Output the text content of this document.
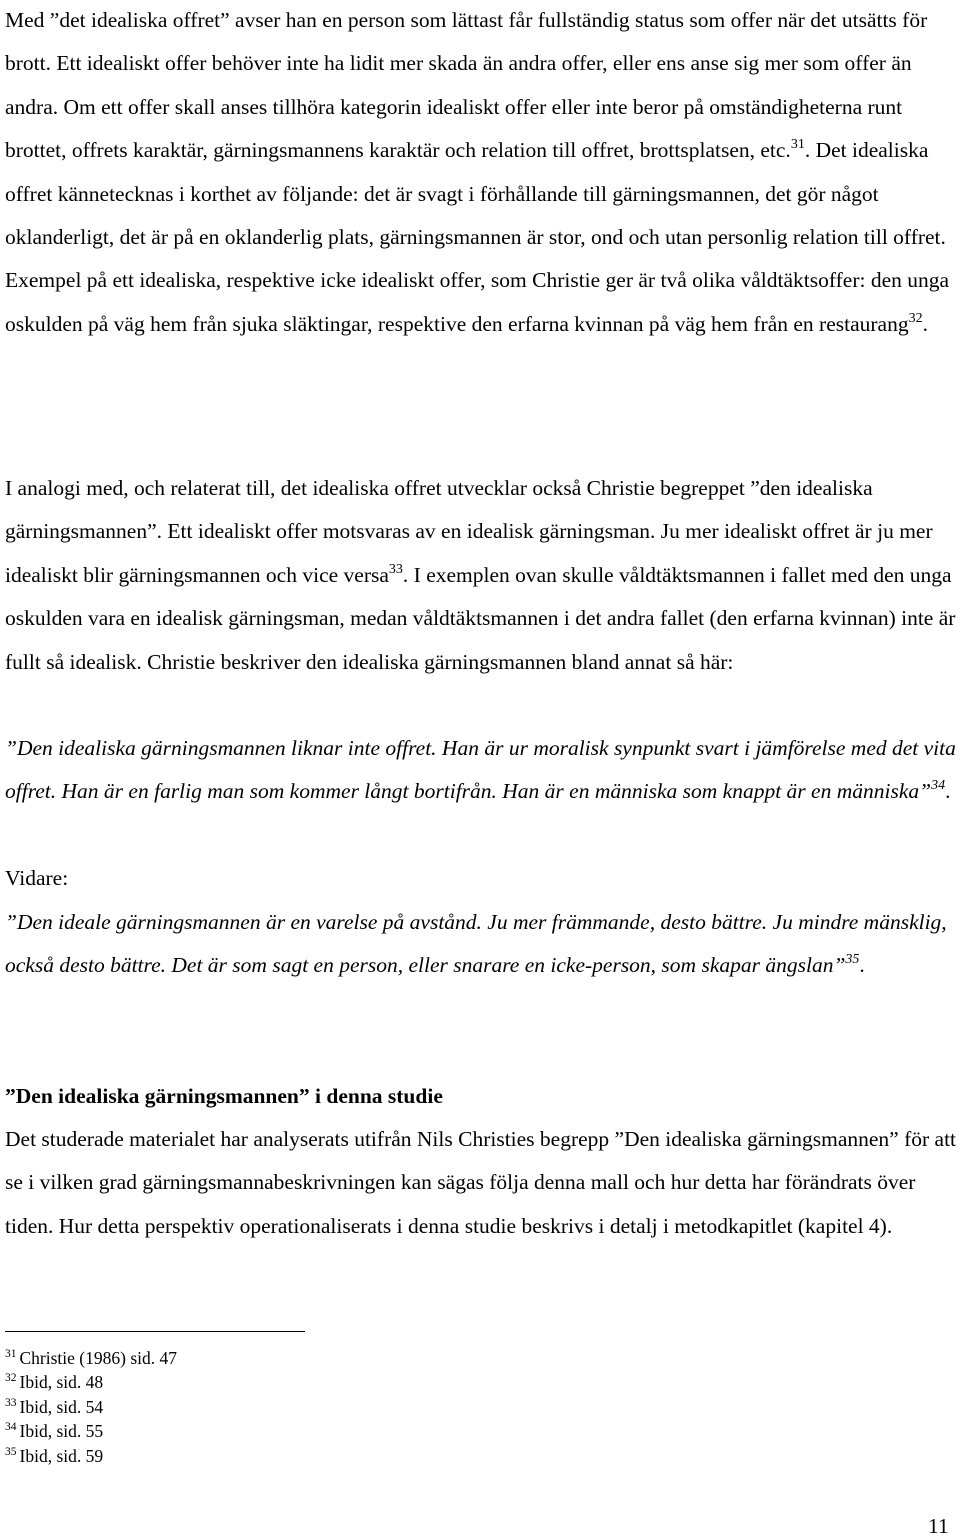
Med ”det idealiska offret” avser han en person som lättast får fullständig status som offer när det utsätts för brott. Ett idealiskt offer behöver inte ha lidit mer skada än andra offer, eller ens anse sig mer som offer än andra. Om ett offer skall anses tillhöra kategorin idealiskt offer eller inte beror på omständigheterna runt brottet, offrets karaktär, gärningsmannens karaktär och relation till offret, brottsplatsen, etc.$^{31}$. Det idealiska offret kännetecknas i korthet av följande: det är svagt i förhållande till gärningsmannen, det gör något oklanderligt, det är på en oklanderlig plats, gärningsmannen är stor, ond och utan personlig relation till offret. Exempel på ett idealiska, respektive icke idealiskt offer, som Christie ger är två olika våldtäktsoffer: den unga oskulden på väg hem från sjuka släktingar, respektive den erfarna kvinnan på väg hem från en restaurang$^{32}$.

I analogi med, och relaterat till, det idealiska offret utvecklar också Christie begreppet ”den idealiska gärningsmannen”. Ett idealiskt offer motsvaras av en idealisk gärningsman. Ju mer idealiskt offret är ju mer idealiskt blir gärningsmannen och vice versa$^{33}$. I exemplen ovan skulle våldtäktsmannen i fallet med den unga oskulden vara en idealisk gärningsman, medan våldtäktsmannen i det andra fallet (den erfarna kvinnan) inte är fullt så idealisk. Christie beskriver den idealiska gärningsmannen bland annat så här:

”Den idealiska gärningsmannen liknar inte offret. Han är ur moralisk synpunkt svart i jämförelse med det vita offret. Han är en farlig man som kommer långt bortifrån. Han är en människa som knappt är en människa”$^{34}$.

Vidare:

”Den ideale gärningsmannen är en varelse på avstånd. Ju mer främmande, desto bättre. Ju mindre mänsklig, också desto bättre. Det är som sagt en person, eller snarare en icke-person, som skapar ängslan”$^{35}$.

”Den idealiska gärningsmannen” i denna studie

Det studerade materialet har analyserats utifrån Nils Christies begrepp ”Den idealiska gärningsmannen” för att se i vilken grad gärningsmannabeskrivningen kan sägas följa denna mall och hur detta har förändrats över tiden. Hur detta perspektiv operationaliserats i denna studie beskrivs i detalj i metodkapitlet (kapitel 4).

$^{31}$ Christie (1986) sid. 47
$^{32}$ Ibid, sid. 48
$^{33}$ Ibid, sid. 54
$^{34}$ Ibid, sid. 55
$^{35}$ Ibid, sid. 59
11
